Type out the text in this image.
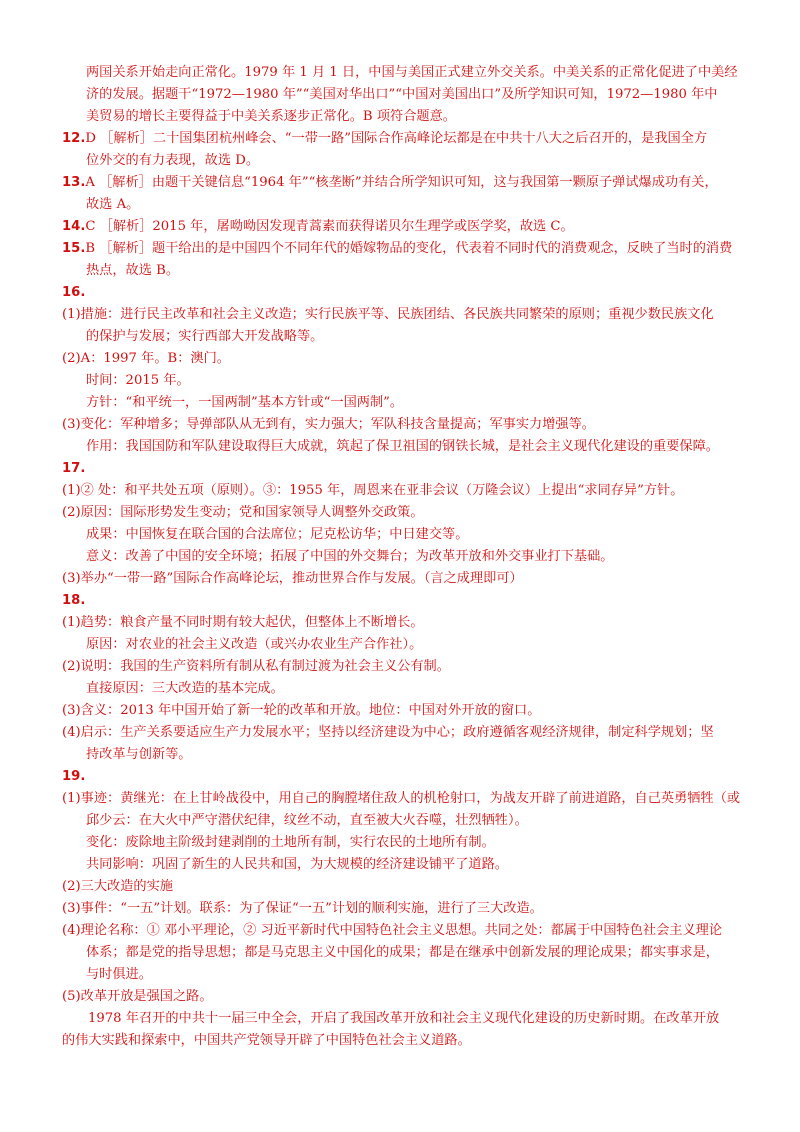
两国关系开始走向正常化。1979 年 1 月 1 日，中国与美国正式建立外交关系。中美关系的正常化促进了中美经
济的发展。据题干“1972—1980 年”“美国对华出口”“中国对美国出口”及所学知识可知，1972—1980 年中
美贸易的增长主要得益于中美关系逐步正常化。B 项符合题意。
12.D ［解析］二十国集团杭州峰会、“一带一路”国际合作高峰论坛都是在中共十八大之后召开的，是我国全方
位外交的有力表现，故选 D。
13.A ［解析］由题干关键信息“1964 年”“核垄断”并结合所学知识可知，这与我国第一颗原子弹试爆成功有关，
故选 A。
14.C ［解析］2015 年，屠呦呦因发现青蒿素而获得诺贝尔生理学或医学奖，故选 C。
15.B ［解析］题干给出的是中国四个不同年代的婚嫁物品的变化，代表着不同时代的消费观念，反映了当时的消费
热点，故选 B。
16.
(1)措施：进行民主改革和社会主义改造；实行民族平等、民族团结、各民族共同繁荣的原则；重视少数民族文化
的保护与发展；实行西部大开发战略等。
(2)A：1997 年。B：澳门。
时间：2015 年。
方针：“和平统一，一国两制”基本方针或“一国两制”。
(3)变化：军种增多；导弹部队从无到有，实力强大；军队科技含量提高；军事实力增强等。
作用：我国国防和军队建设取得巨大成就，筑起了保卫祖国的钢铁长城，是社会主义现代化建设的重要保障。
17.
(1)② 处：和平共处五项（原则）。③：1955 年，周恩来在亚非会议（万隆会议）上提出“求同存异”方针。
(2)原因：国际形势发生变动；党和国家领导人调整外交政策。
成果：中国恢复在联合国的合法席位；尼克松访华；中日建交等。
意义：改善了中国的安全环境；拓展了中国的外交舞台；为改革开放和外交事业打下基础。
(3)举办“一带一路”国际合作高峰论坛，推动世界合作与发展。（言之成理即可）
18.
(1)趋势：粮食产量不同时期有较大起伏，但整体上不断增长。
原因：对农业的社会主义改造（或兴办农业生产合作社）。
(2)说明：我国的生产资料所有制从私有制过渡为社会主义公有制。
直接原因：三大改造的基本完成。
(3)含义：2013 年中国开始了新一轮的改革和开放。地位：中国对外开放的窗口。
(4)启示：生产关系要适应生产力发展水平；坚持以经济建设为中心；政府遵循客观经济规律，制定科学规划；坚
持改革与创新等。
19.
(1)事迹：黄继光：在上甘岭战役中，用自己的胸膛堵住敌人的机枪射口，为战友开辟了前进道路，自己英勇牺牲（或
邱少云：在大火中严守潜伏纪律，纹丝不动，直至被大火吞噬，壮烈牺牲）。
变化：废除地主阶级封建剥削的土地所有制，实行农民的土地所有制。
共同影响：巩固了新生的人民共和国，为大规模的经济建设铺平了道路。
(2)三大改造的实施
(3)事件：“一五”计划。联系：为了保证“一五”计划的顺利实施，进行了三大改造。
(4)理论名称：① 邓小平理论，② 习近平新时代中国特色社会主义思想。共同之处：都属于中国特色社会主义理论
体系；都是党的指导思想；都是马克思主义中国化的成果；都是在继承中创新发展的理论成果；都实事求是，
与时俱进。
(5)改革开放是强国之路。
1978 年召开的中共十一届三中全会，开启了我国改革开放和社会主义现代化建设的历史新时期。在改革开放
的伟大实践和探索中，中国共产党领导开辟了中国特色社会主义道路。
